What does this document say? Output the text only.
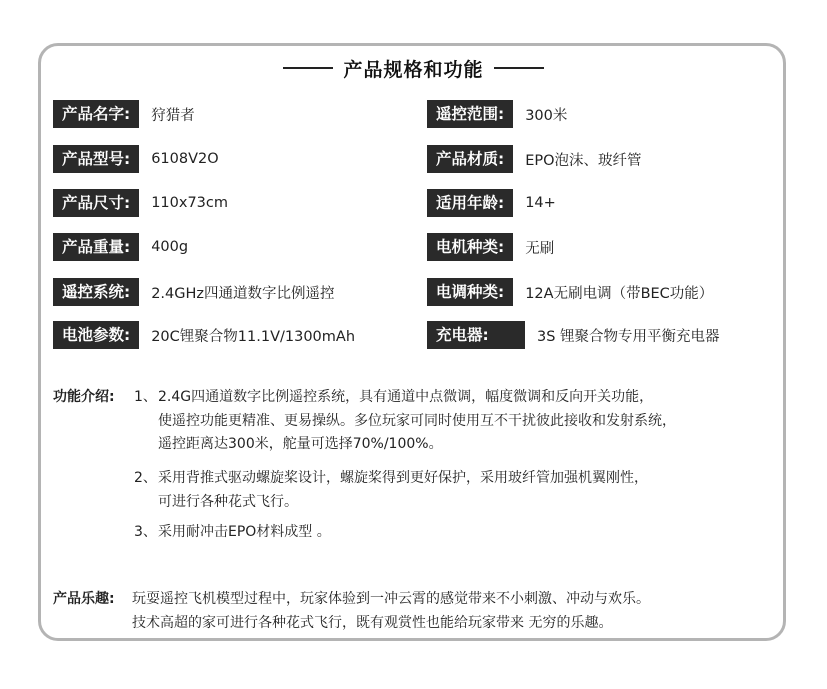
产品规格和功能
产品名字:	狩猎者
产品型号:	6108V2O
产品尺寸:	110x73cm
产品重量:	400g
遥控系统:	2.4GHz四通道数字比例遥控
电池参数:	20C锂聚合物11.1V/1300mAh
遥控范围:	300米
产品材质:	EPO泡沫、玻纤管
适用年龄:	14+
电机种类:	无刷
电调种类:	12A无刷电调（带BEC功能）
充电器:	3S 锂聚合物专用平衡充电器
功能介绍: 1、2.4G四通道数字比例遥控系统，具有通道中点微调，幅度微调和反向开关功能，
使遥控功能更精准、更易操纵。多位玩家可同时使用互不干扰彼此接收和发射系统，
遥控距离达300米，舵量可选择70%/100%。
2、采用背推式驱动螺旋桨设计，螺旋桨得到更好保护，采用玻纤管加强机翼刚性，
可进行各种花式飞行。
3、采用耐冲击EPO材料成型 。
产品乐趣: 玩耍遥控飞机模型过程中，玩家体验到一冲云霄的感觉带来不小刺激、冲动与欢乐。
技术高超的家可进行各种花式飞行，既有观赏性也能给玩家带来 无穷的乐趣。
